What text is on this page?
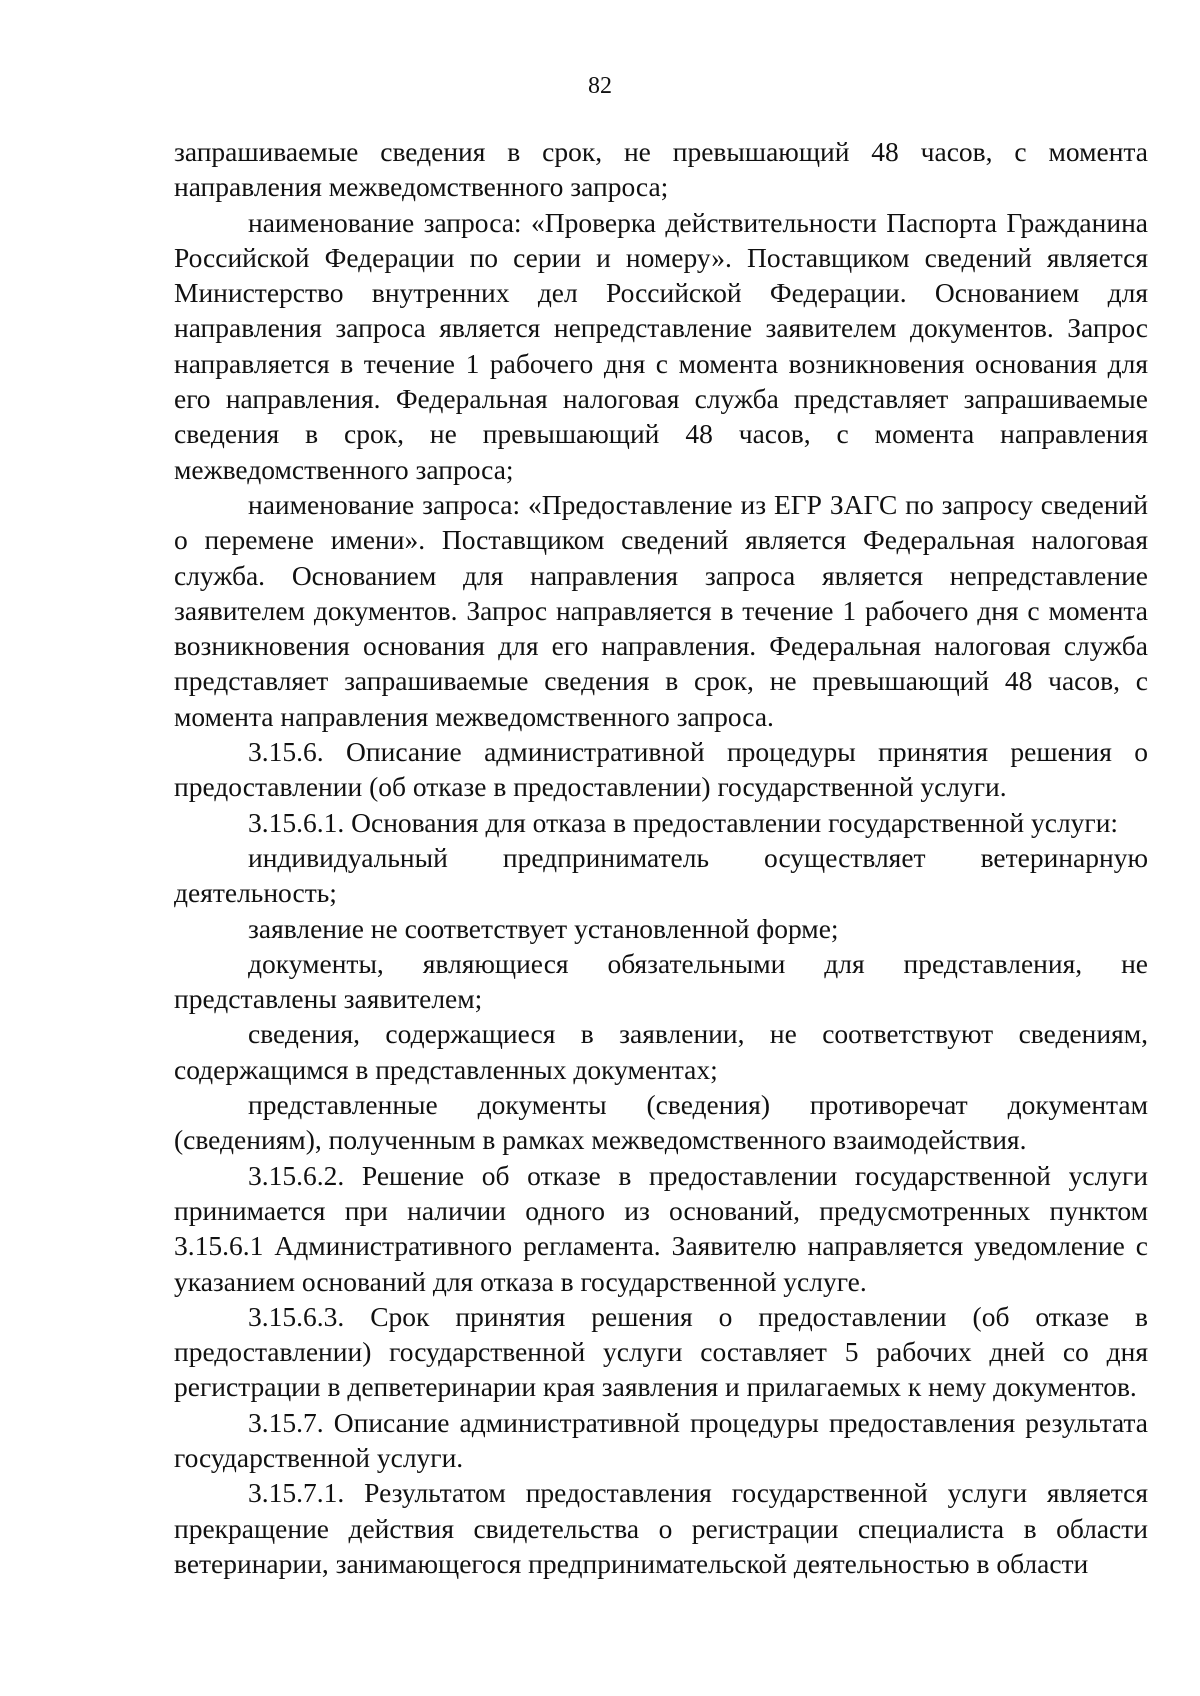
82

запрашиваемые сведения в срок, не превышающий 48 часов, с момента направления межведомственного запроса;

наименование запроса: «Проверка действительности Паспорта Гражданина Российской Федерации по серии и номеру». Поставщиком сведений является Министерство внутренних дел Российской Федерации. Основанием для направления запроса является непредставление заявителем документов. Запрос направляется в течение 1 рабочего дня с момента возникновения основания для его направления. Федеральная налоговая служба представляет запрашиваемые сведения в срок, не превышающий 48 часов, с момента направления межведомственного запроса;

наименование запроса: «Предоставление из ЕГР ЗАГС по запросу сведений о перемене имени». Поставщиком сведений является Федеральная налоговая служба. Основанием для направления запроса является непредставление заявителем документов. Запрос направляется в течение 1 рабочего дня с момента возникновения основания для его направления. Федеральная налоговая служба представляет запрашиваемые сведения в срок, не превышающий 48 часов, с момента направления межведомственного запроса.

3.15.6. Описание административной процедуры принятия решения о предоставлении (об отказе в предоставлении) государственной услуги.

3.15.6.1. Основания для отказа в предоставлении государственной услуги:

индивидуальный предприниматель осуществляет ветеринарную деятельность;

заявление не соответствует установленной форме;

документы, являющиеся обязательными для представления, не представлены заявителем;

сведения, содержащиеся в заявлении, не соответствуют сведениям, содержащимся в представленных документах;

представленные документы (сведения) противоречат документам (сведениям), полученным в рамках межведомственного взаимодействия.

3.15.6.2. Решение об отказе в предоставлении государственной услуги принимается при наличии одного из оснований, предусмотренных пунктом 3.15.6.1 Административного регламента. Заявителю направляется уведомление с указанием оснований для отказа в государственной услуге.

3.15.6.3. Срок принятия решения о предоставлении (об отказе в предоставлении) государственной услуги составляет 5 рабочих дней со дня регистрации в депветеринарии края заявления и прилагаемых к нему документов.

3.15.7. Описание административной процедуры предоставления результата государственной услуги.

3.15.7.1. Результатом предоставления государственной услуги является прекращение действия свидетельства о регистрации специалиста в области ветеринарии, занимающегося предпринимательской деятельностью в области
